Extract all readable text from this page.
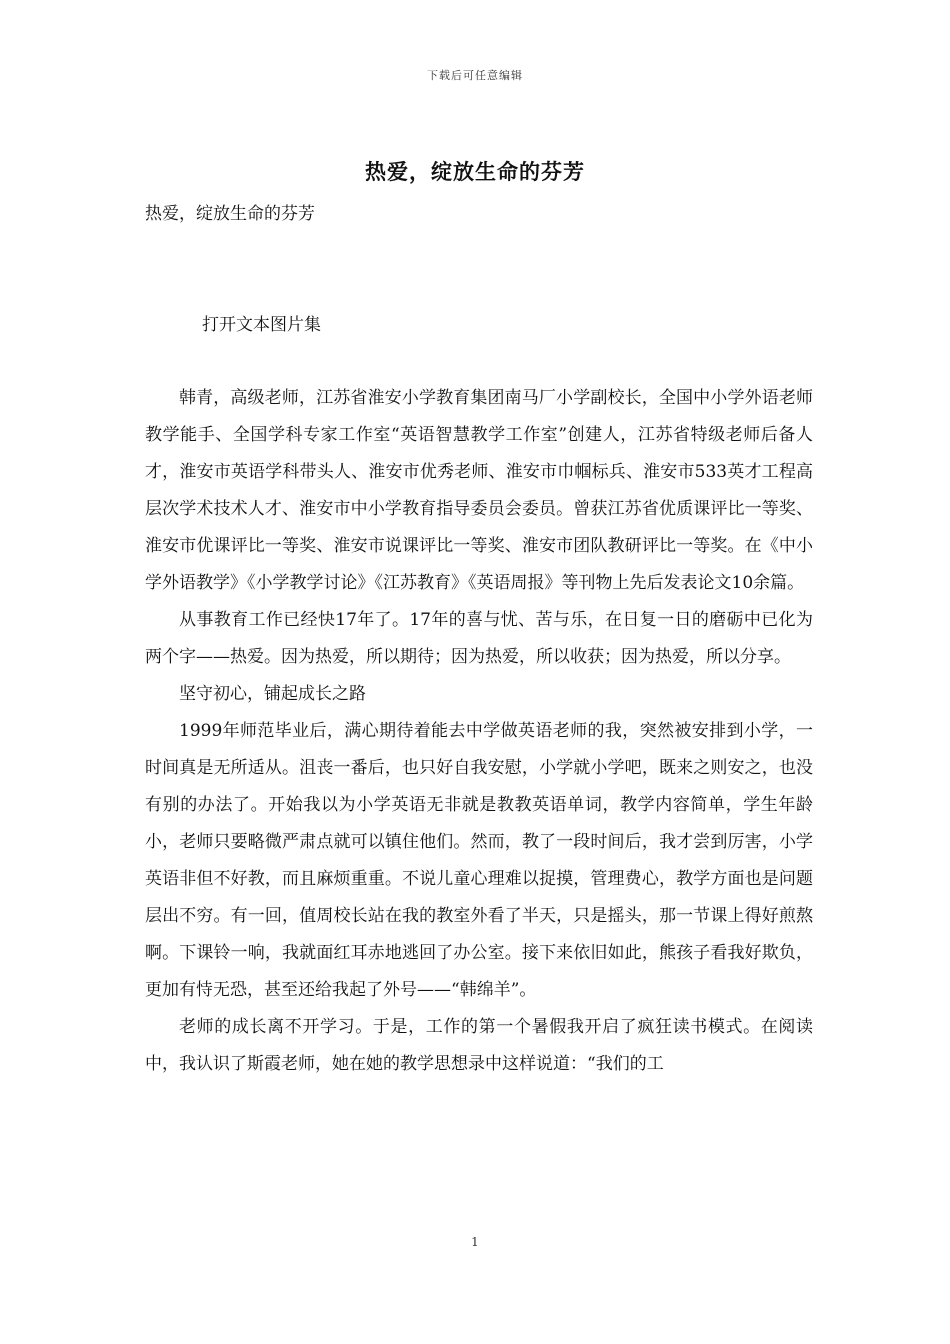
下载后可任意编辑
热爱，绽放生命的芬芳
热爱，绽放生命的芬芳
打开文本图片集

韩青，高级老师，江苏省淮安小学教育集团南马厂小学副校长，全国中小学外语老师教学能手、全国学科专家工作室“英语智慧教学工作室”创建人，江苏省特级老师后备人才，淮安市英语学科带头人、淮安市优秀老师、淮安市巾帼标兵、淮安市533英才工程高层次学术技术人才、淮安市中小学教育指导委员会委员。曾获江苏省优质课评比一等奖、淮安市优课评比一等奖、淮安市说课评比一等奖、淮安市团队教研评比一等奖。在《中小学外语教学》《小学教学讨论》《江苏教育》《英语周报》等刊物上先后发表论文10余篇。

从事教育工作已经快17年了。17年的喜与忧、苦与乐，在日复一日的磨砺中已化为两个字——热爱。因为热爱，所以期待；因为热爱，所以收获；因为热爱，所以分享。

坚守初心，铺起成长之路

1999年师范毕业后，满心期待着能去中学做英语老师的我，突然被安排到小学，一时间真是无所适从。沮丧一番后，也只好自我安慰，小学就小学吧，既来之则安之，也没有别的办法了。开始我以为小学英语无非就是教教英语单词，教学内容简单，学生年龄小，老师只要略微严肃点就可以镇住他们。然而，教了一段时间后，我才尝到厉害，小学英语非但不好教，而且麻烦重重。不说儿童心理难以捉摸，管理费心，教学方面也是问题层出不穷。有一回，值周校长站在我的教室外看了半天，只是摇头，那一节课上得好煎熬啊。下课铃一响，我就面红耳赤地逃回了办公室。接下来依旧如此，熊孩子看我好欺负，更加有恃无恐，甚至还给我起了外号——“韩绵羊”。

老师的成长离不开学习。于是，工作的第一个暑假我开启了疯狂读书模式。在阅读中，我认识了斯霞老师，她在她的教学思想录中这样说道：“我们的工

1
